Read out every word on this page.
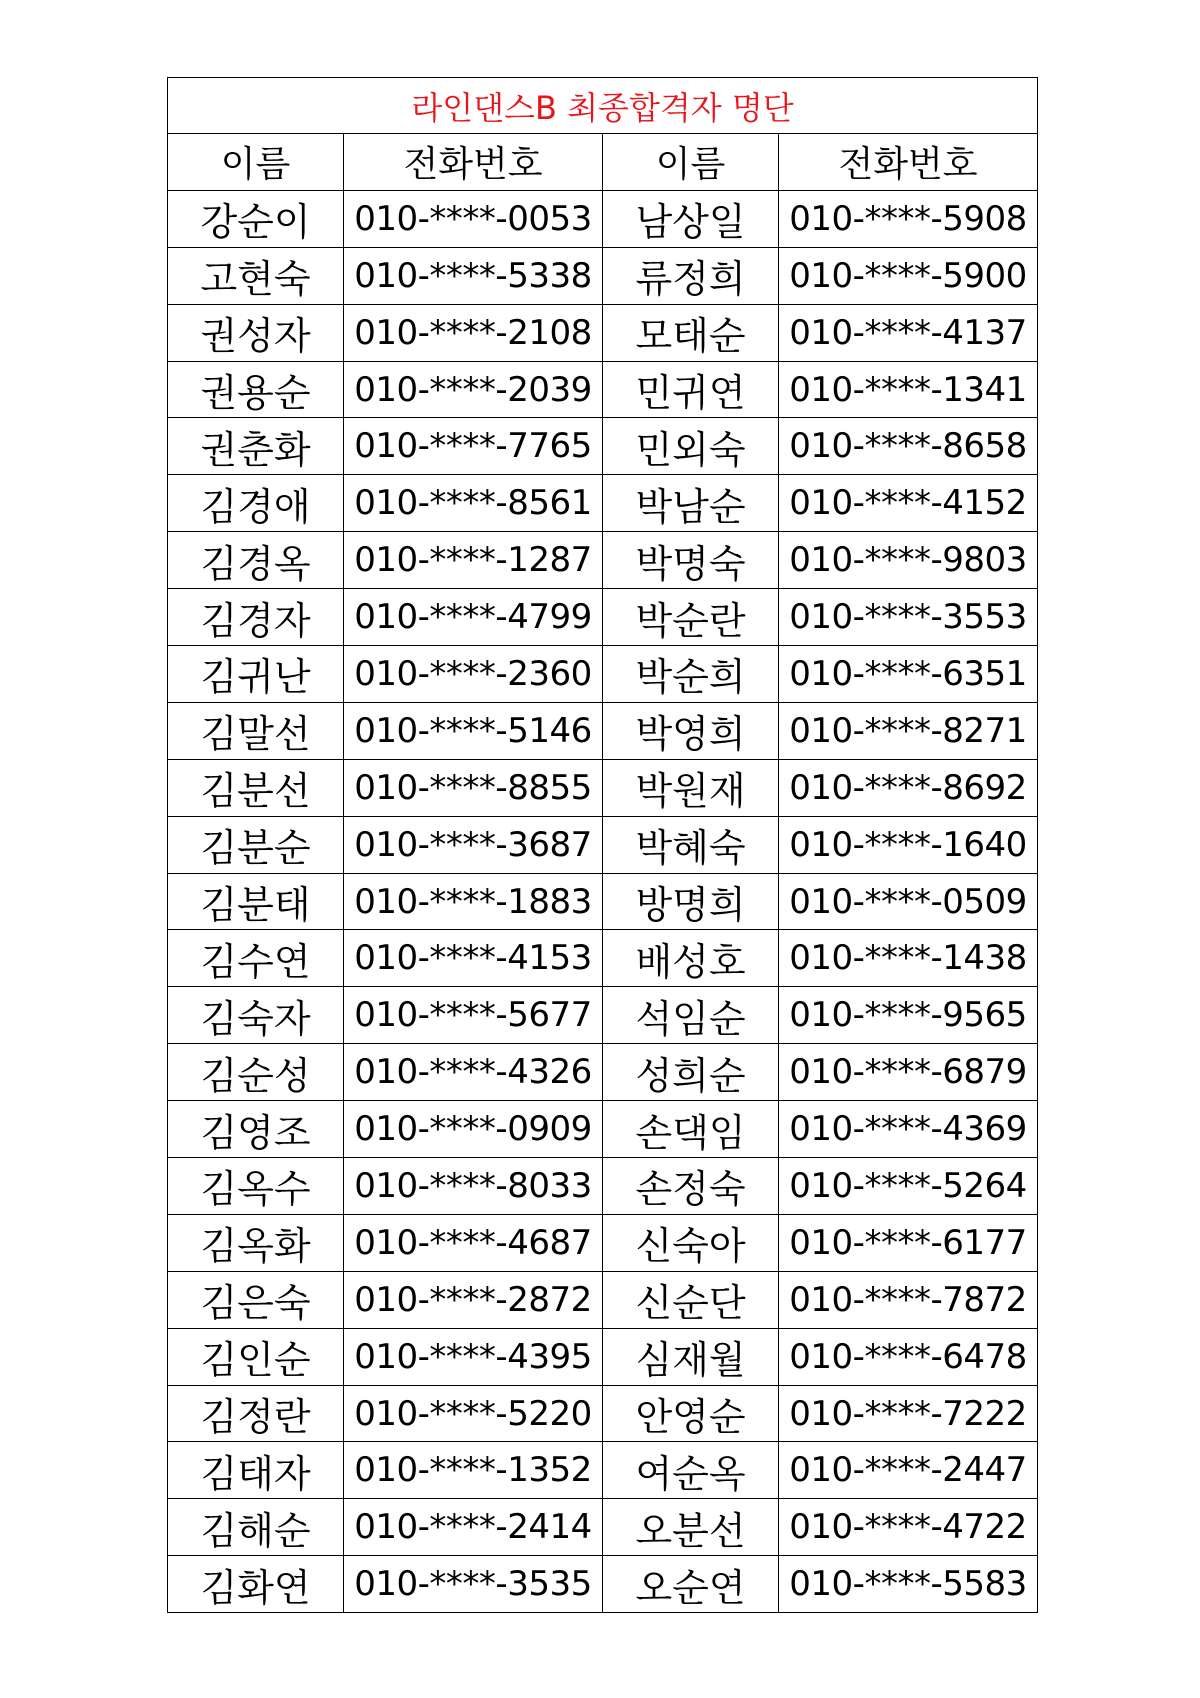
라인댄스B 최종합격자 명단			
이름	전화번호	이름	전화번호
강순이	010-****-0053	남상일	010-****-5908
고현숙	010-****-5338	류정희	010-****-5900
권성자	010-****-2108	모태순	010-****-4137
권용순	010-****-2039	민귀연	010-****-1341
권춘화	010-****-7765	민외숙	010-****-8658
김경애	010-****-8561	박남순	010-****-4152
김경옥	010-****-1287	박명숙	010-****-9803
김경자	010-****-4799	박순란	010-****-3553
김귀난	010-****-2360	박순희	010-****-6351
김말선	010-****-5146	박영희	010-****-8271
김분선	010-****-8855	박원재	010-****-8692
김분순	010-****-3687	박혜숙	010-****-1640
김분태	010-****-1883	방명희	010-****-0509
김수연	010-****-4153	배성호	010-****-1438
김숙자	010-****-5677	석임순	010-****-9565
김순성	010-****-4326	성희순	010-****-6879
김영조	010-****-0909	손댁임	010-****-4369
김옥수	010-****-8033	손정숙	010-****-5264
김옥화	010-****-4687	신숙아	010-****-6177
김은숙	010-****-2872	신순단	010-****-7872
김인순	010-****-4395	심재월	010-****-6478
김정란	010-****-5220	안영순	010-****-7222
김태자	010-****-1352	여순옥	010-****-2447
김해순	010-****-2414	오분선	010-****-4722
김화연	010-****-3535	오순연	010-****-5583
